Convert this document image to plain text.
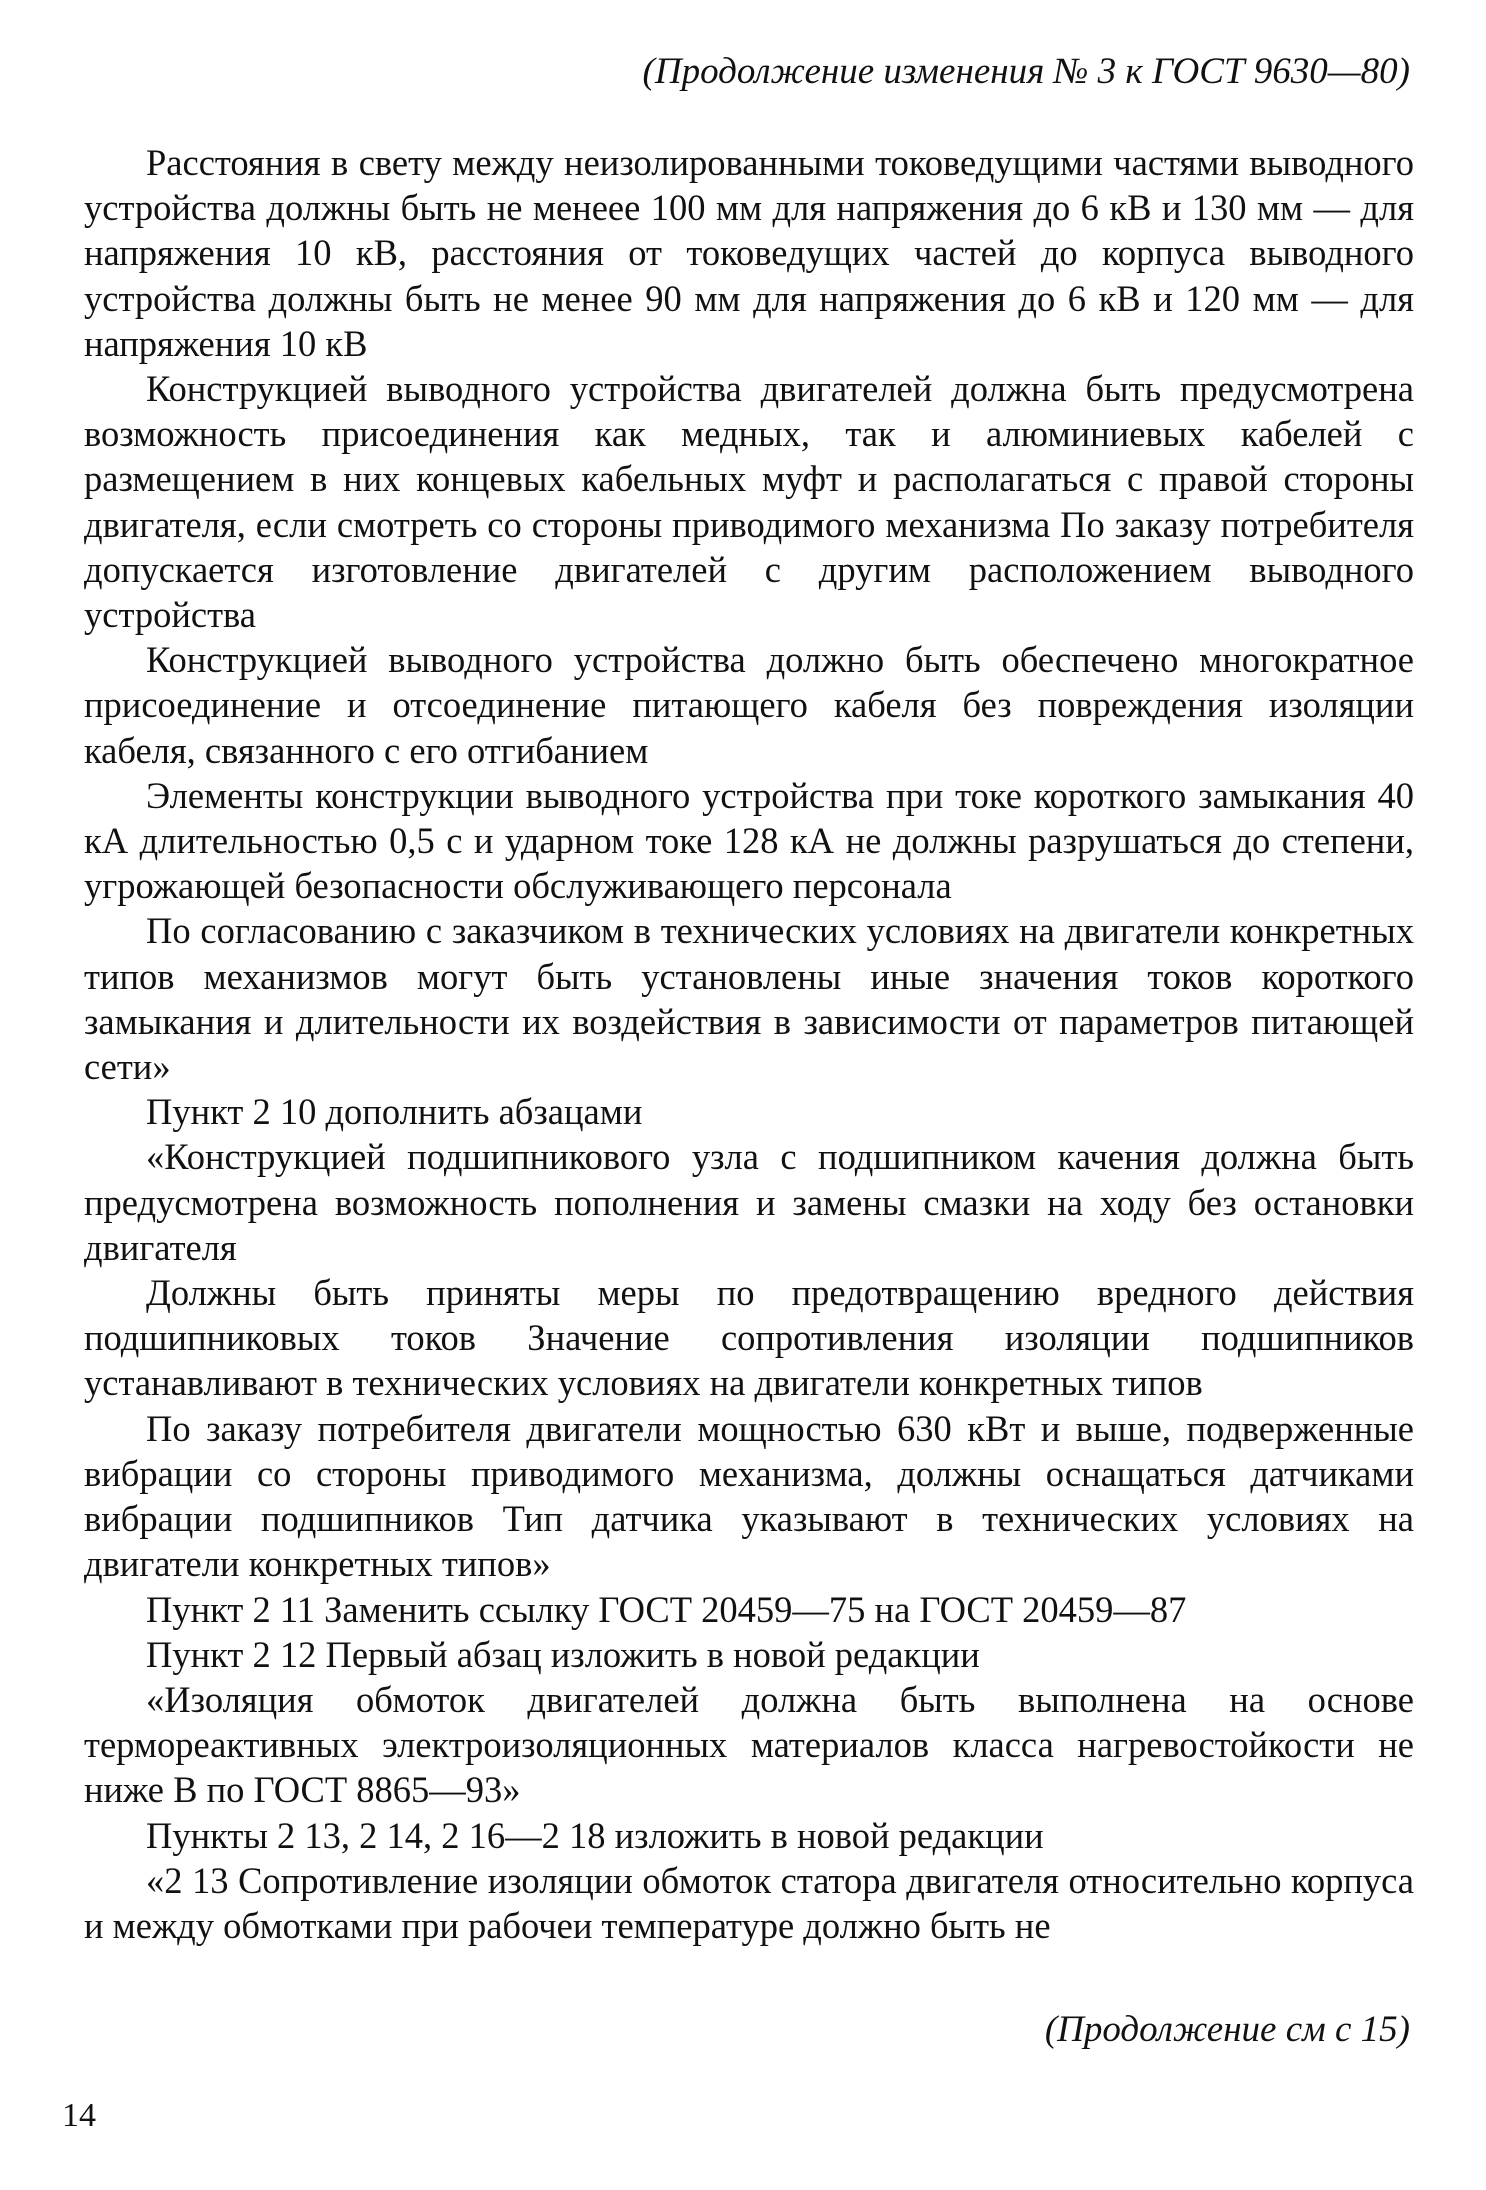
(Продолжение изменения № 3 к ГОСТ 9630—80)

Расстояния в свету между неизолированными токоведущими частями выводного устройства должны быть не менеее 100 мм для напряжения до 6 кВ и 130 мм — для напряжения 10 кВ, расстояния от токоведущих частей до корпуса выводного устройства должны быть не менее 90 мм для напряжения до 6 кВ и 120 мм — для напряжения 10 кВ

Конструкцией выводного устройства двигателей должна быть предусмотрена возможность присоединения как медных, так и алюминиевых кабелей с размещением в них концевых кабельных муфт и располагаться с правой стороны двигателя, если смотреть со стороны приводимого механизма По заказу потребителя допускается изготовление двигателей с другим расположением выводного устройства

Конструкцией выводного устройства должно быть обеспечено многократное присоединение и отсоединение питающего кабеля без повреждения изоляции кабеля, связанного с его отгибанием

Элементы конструкции выводного устройства при токе короткого замыкания 40 кА длительностью 0,5 с и ударном токе 128 кА не должны разрушаться до степени, угрожающей безопасности обслуживающего персонала

По согласованию с заказчиком в технических условиях на двигатели конкретных типов механизмов могут быть установлены иные значения токов короткого замыкания и длительности их воздействия в зависимости от параметров питающей сети»

Пункт 2 10 дополнить абзацами

«Конструкцией подшипникового узла с подшипником качения должна быть предусмотрена возможность пополнения и замены смазки на ходу без остановки двигателя

Должны быть приняты меры по предотвращению вредного действия подшипниковых токов Значение сопротивления изоляции подшипников устанавливают в технических условиях на двигатели конкретных типов

По заказу потребителя двигатели мощностью 630 кВт и выше, подверженные вибрации со стороны приводимого механизма, должны оснащаться датчиками вибрации подшипников Тип датчика указывают в технических условиях на двигатели конкретных типов»

Пункт 2 11 Заменить ссылку ГОСТ 20459—75 на ГОСТ 20459—87

Пункт 2 12 Первый абзац изложить в новой редакции

«Изоляция обмоток двигателей должна быть выполнена на основе термореактивных электроизоляционных материалов класса нагревостойкости не ниже В по ГОСТ 8865—93»

Пункты 2 13, 2 14, 2 16—2 18 изложить в новой редакции

«2 13 Сопротивление изоляции обмоток статора двигателя относительно корпуса и между обмотками при рабочеи температуре должно быть не

(Продолжение см с 15)
14
